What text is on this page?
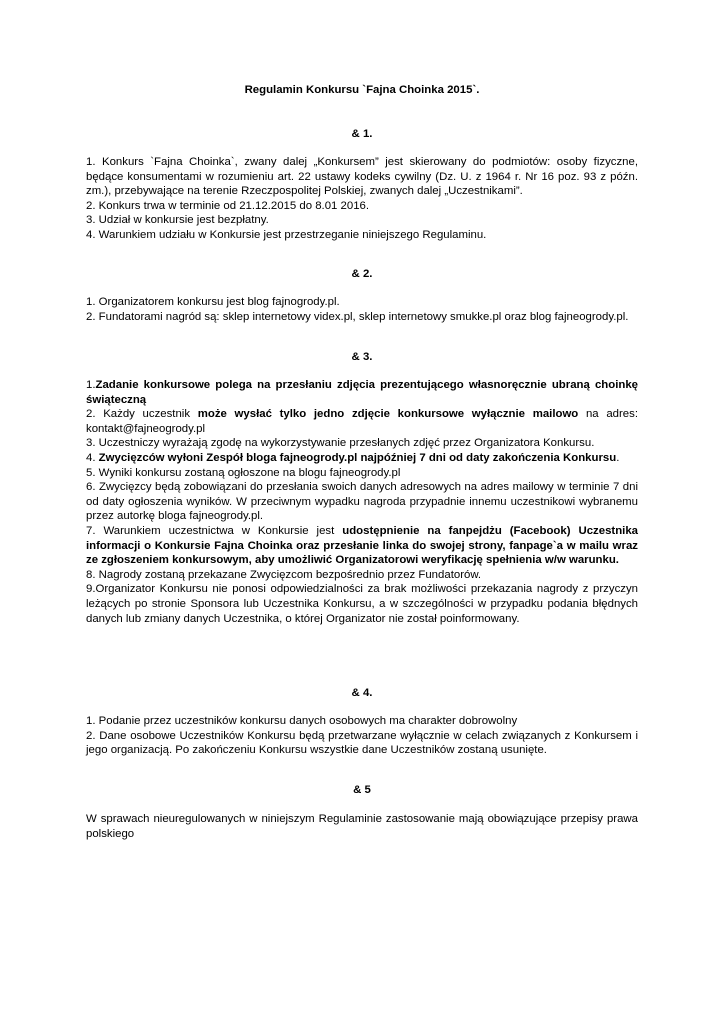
Regulamin Konkursu `Fajna Choinka 2015`.
& 1.

1. Konkurs `Fajna Choinka`, zwany dalej „Konkursem” jest skierowany do podmiotów: osoby fizyczne, będące konsumentami w rozumieniu art. 22 ustawy kodeks cywilny (Dz. U. z 1964 r. Nr 16 poz. 93 z późn. zm.), przebywające na terenie Rzeczpospolitej Polskiej, zwanych dalej „Uczestnikami”.

2. Konkurs trwa w terminie od 21.12.2015 do 8.01 2016.

3. Udział w konkursie jest bezpłatny.

4. Warunkiem udziału w Konkursie jest przestrzeganie niniejszego Regulaminu.

& 2.

1. Organizatorem konkursu jest blog fajnogrody.pl.

2. Fundatorami nagród są: sklep internetowy videx.pl, sklep internetowy smukke.pl oraz blog fajneogrody.pl.

& 3.

1.Zadanie konkursowe polega na przesłaniu zdjęcia prezentującego własnoręcznie ubraną choinkę świąteczną

2. Każdy uczestnik może wysłać tylko jedno zdjęcie konkursowe wyłącznie mailowo na adres: kontakt@fajneogrody.pl

3. Uczestniczy wyrażają zgodę na wykorzystywanie przesłanych zdjęć przez Organizatora Konkursu.

4. Zwycięzców wyłoni Zespół bloga fajneogrody.pl najpóźniej 7 dni od daty zakończenia Konkursu.

5. Wyniki konkursu zostaną ogłoszone na blogu fajneogrody.pl

6. Zwycięzcy będą zobowiązani do przesłania swoich danych adresowych na adres mailowy w terminie 7 dni od daty ogłoszenia wyników. W przeciwnym wypadku nagroda przypadnie innemu uczestnikowi wybranemu przez autorkę bloga fajneogrody.pl.

7. Warunkiem uczestnictwa w Konkursie jest udostępnienie na fanpejdżu (Facebook) Uczestnika informacji o Konkursie Fajna Choinka oraz przesłanie linka do swojej strony, fanpage`a w mailu wraz ze zgłoszeniem konkursowym, aby umożliwić Organizatorowi weryfikację spełnienia w/w warunku.

8. Nagrody zostaną przekazane Zwycięzcom bezpośrednio przez Fundatorów.

9.Organizator Konkursu nie ponosi odpowiedzialności za brak możliwości przekazania nagrody z przyczyn leżących po stronie Sponsora lub Uczestnika Konkursu, a w szczególności w przypadku podania błędnych danych lub zmiany danych Uczestnika, o której Organizator nie został poinformowany.

& 4.

1. Podanie przez uczestników konkursu danych osobowych ma charakter dobrowolny

2. Dane osobowe Uczestników Konkursu będą przetwarzane wyłącznie w celach związanych z Konkursem i jego organizacją. Po zakończeniu Konkursu wszystkie dane Uczestników zostaną usunięte.

& 5

W sprawach nieuregulowanych w niniejszym Regulaminie zastosowanie mają obowiązujące przepisy prawa polskiego
